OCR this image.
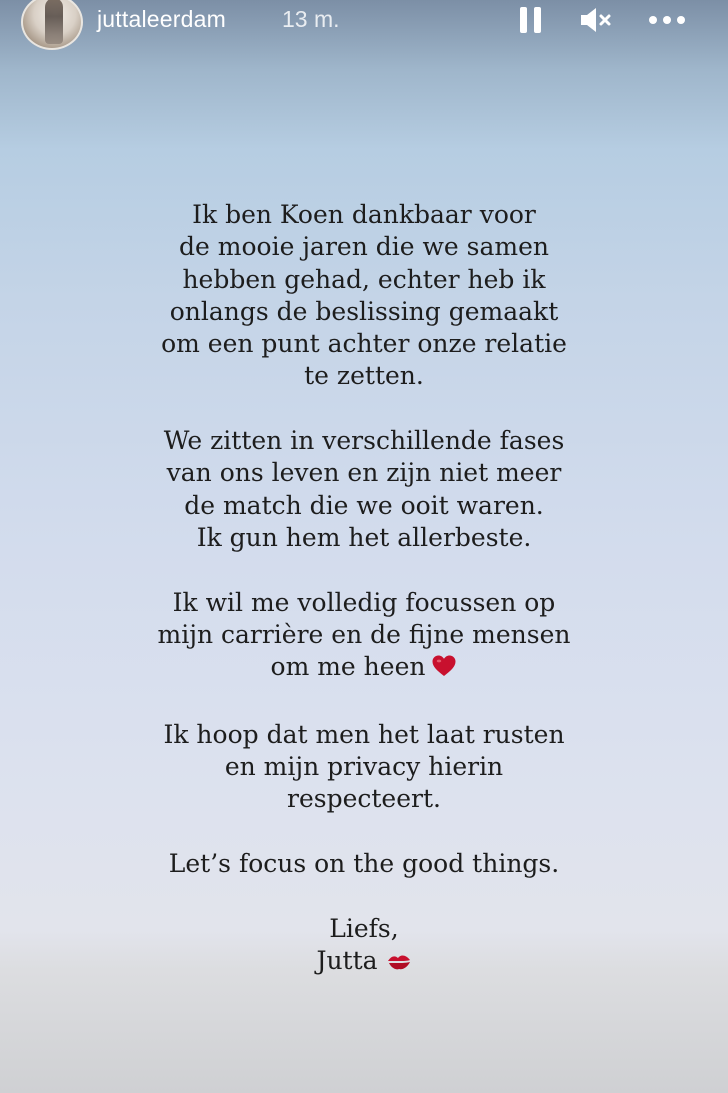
juttaleerdam 13 m.
Ik ben Koen dankbaar voor
de mooie jaren die we samen
hebben gehad, echter heb ik
onlangs de beslissing gemaakt
om een punt achter onze relatie
te zetten.
We zitten in verschillende fases
van ons leven en zijn niet meer
de match die we ooit waren.
Ik gun hem het allerbeste.
Ik wil me volledig focussen op
mijn carrière en de fijne mensen
om me heen
Ik hoop dat men het laat rusten
en mijn privacy hierin
respecteert.
Let’s focus on the good things.
Liefs,
Jutta
